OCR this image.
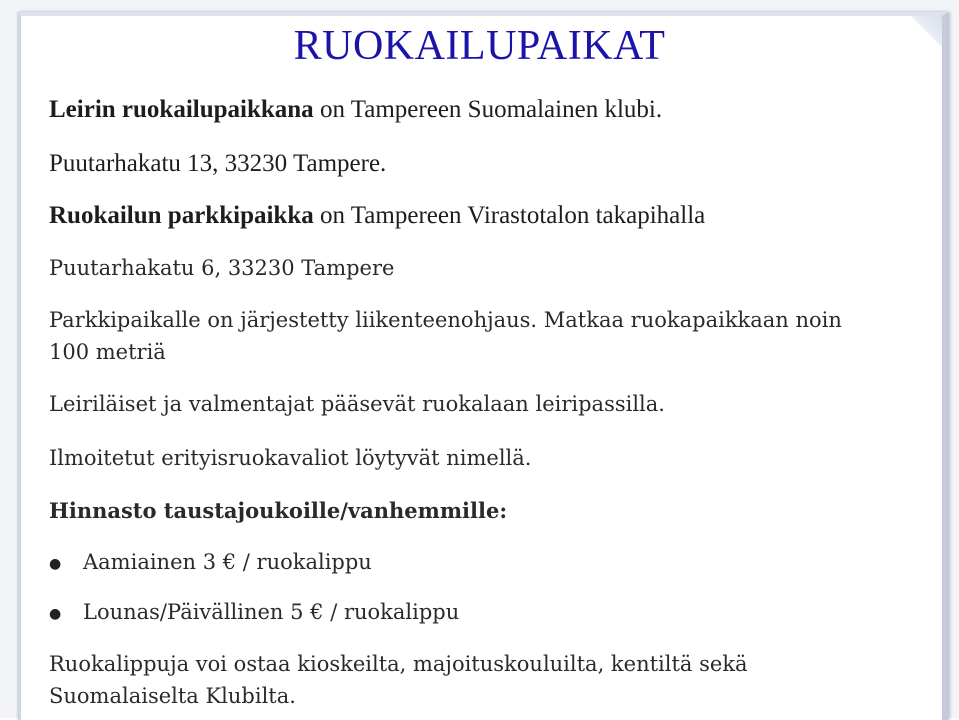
RUOKAILUPAIKAT
Leirin ruokailupaikkana on Tampereen Suomalainen klubi.
Puutarhakatu 13, 33230 Tampere.
Ruokailun parkkipaikka on Tampereen Virastotalon takapihalla
Puutarhakatu 6, 33230 Tampere
Parkkipaikalle on järjestetty liikenteenohjaus. Matkaa ruokapaikkaan noin
100 metriä
Leiriläiset ja valmentajat pääsevät ruokalaan leiripassilla.
Ilmoitetut erityisruokavaliot löytyvät nimellä.
Hinnasto taustajoukoille/vanhemmille:
● Aamiainen 3 € / ruokalippu
● Lounas/Päivällinen 5 € / ruokalippu
Ruokalippuja voi ostaa kioskeilta, majoituskouluilta, kentiltä sekä
Suomalaiselta Klubilta.
